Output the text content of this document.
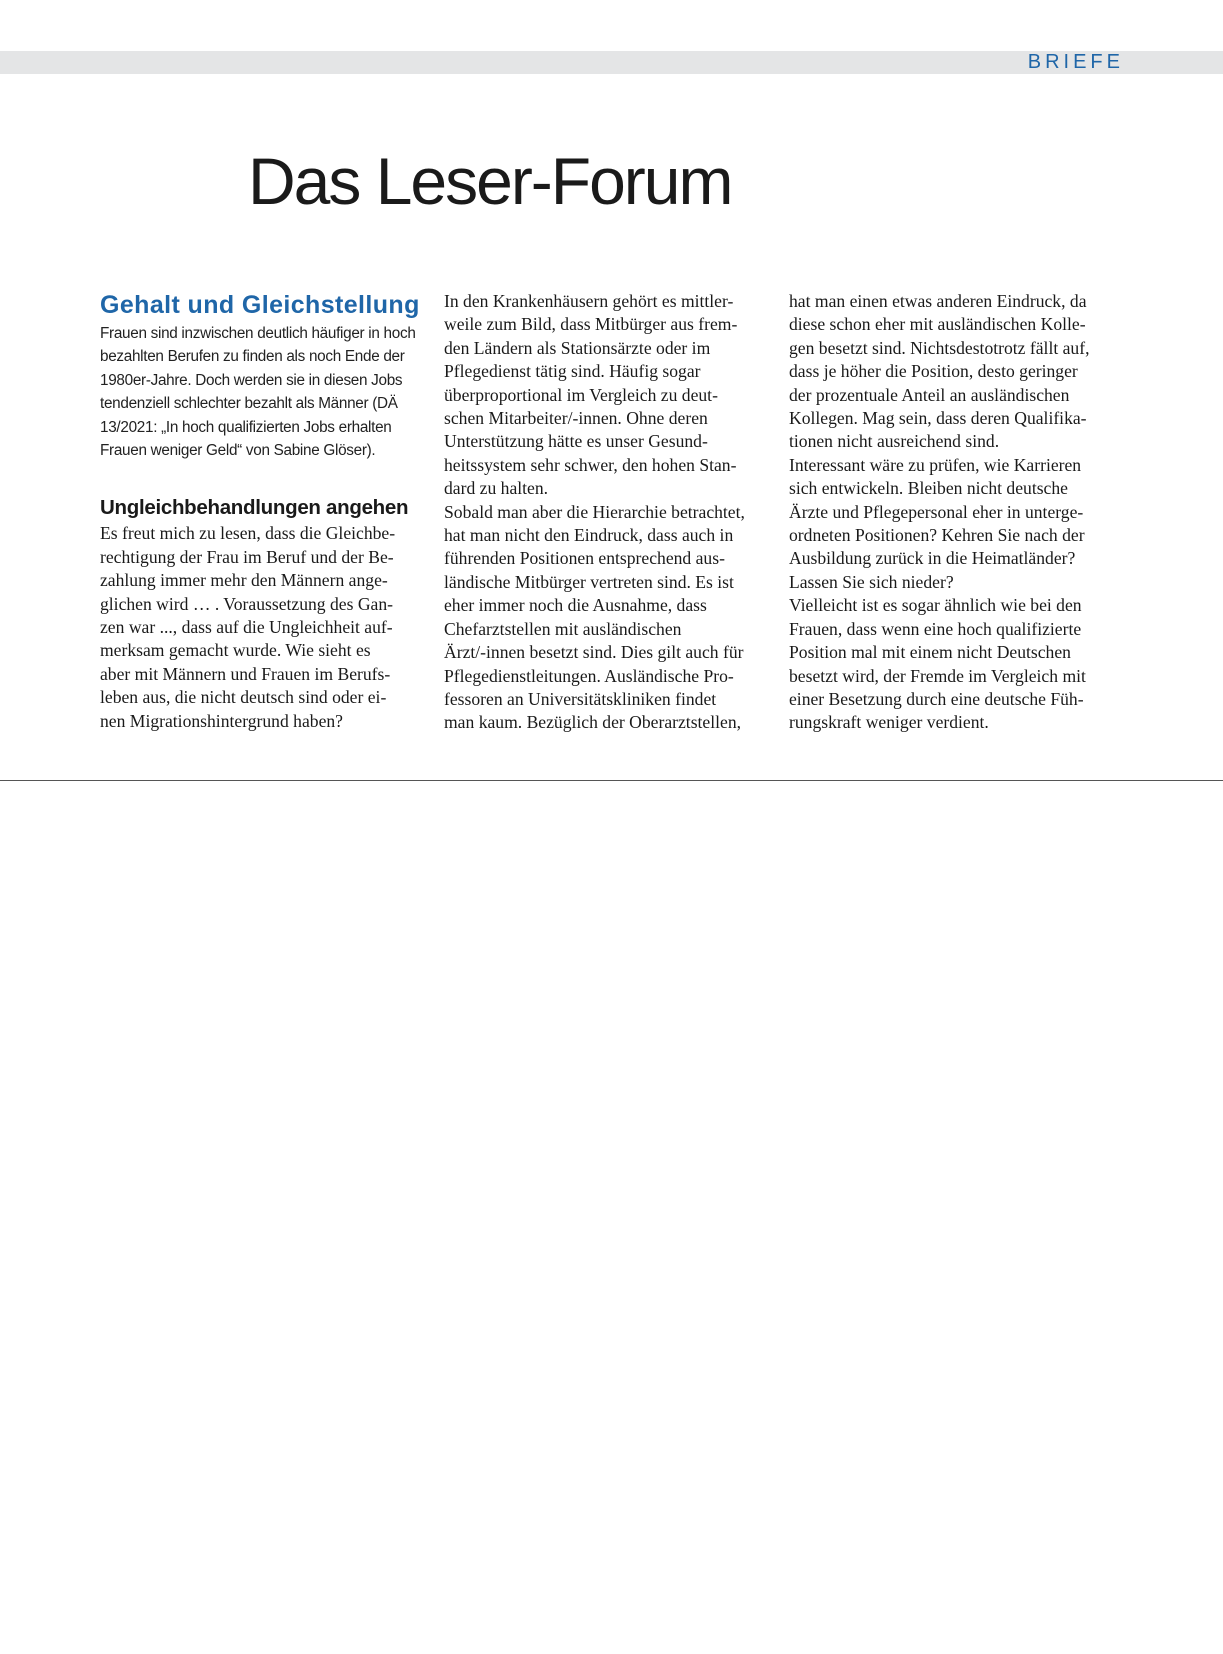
BRIEFE
Das Leser-Forum
Gehalt und Gleichstellung

Frauen sind inzwischen deutlich häufiger in hoch
bezahlten Berufen zu finden als noch Ende der
1980er-Jahre. Doch werden sie in diesen Jobs
tendenziell schlechter bezahlt als Männer (DÄ
13/2021: „In hoch qualifizierten Jobs erhalten
Frauen weniger Geld“ von Sabine Glöser).

Ungleichbehandlungen angehen

Es freut mich zu lesen, dass die Gleichbe-
rechtigung der Frau im Beruf und der Be-
zahlung immer mehr den Männern ange-
glichen wird … . Voraussetzung des Gan-
zen war ..., dass auf die Ungleichheit auf-
merksam gemacht wurde. Wie sieht es
aber mit Männern und Frauen im Berufs-
leben aus, die nicht deutsch sind oder ei-
nen Migrationshintergrund haben?

In den Krankenhäusern gehört es mittler-
weile zum Bild, dass Mitbürger aus frem-
den Ländern als Stationsärzte oder im
Pflegedienst tätig sind. Häufig sogar
überproportional im Vergleich zu deut-
schen Mitarbeiter/-innen. Ohne deren
Unterstützung hätte es unser Gesund-
heitssystem sehr schwer, den hohen Stan-
dard zu halten.
Sobald man aber die Hierarchie betrachtet,
hat man nicht den Eindruck, dass auch in
führenden Positionen entsprechend aus-
ländische Mitbürger vertreten sind. Es ist
eher immer noch die Ausnahme, dass
Chefarztstellen mit ausländischen
Ärzt/-innen besetzt sind. Dies gilt auch für
Pflegedienstleitungen. Ausländische Pro-
fessoren an Universitätskliniken findet
man kaum. Bezüglich der Oberarztstellen,

hat man einen etwas anderen Eindruck, da
diese schon eher mit ausländischen Kolle-
gen besetzt sind. Nichtsdestotrotz fällt auf,
dass je höher die Position, desto geringer
der prozentuale Anteil an ausländischen
Kollegen. Mag sein, dass deren Qualifika-
tionen nicht ausreichend sind.
Interessant wäre zu prüfen, wie Karrieren
sich entwickeln. Bleiben nicht deutsche
Ärzte und Pflegepersonal eher in unterge-
ordneten Positionen? Kehren Sie nach der
Ausbildung zurück in die Heimatländer?
Lassen Sie sich nieder?
Vielleicht ist es sogar ähnlich wie bei den
Frauen, dass wenn eine hoch qualifizierte
Position mal mit einem nicht Deutschen
besetzt wird, der Fremde im Vergleich mit
einer Besetzung durch eine deutsche Füh-
rungskraft weniger verdient.
